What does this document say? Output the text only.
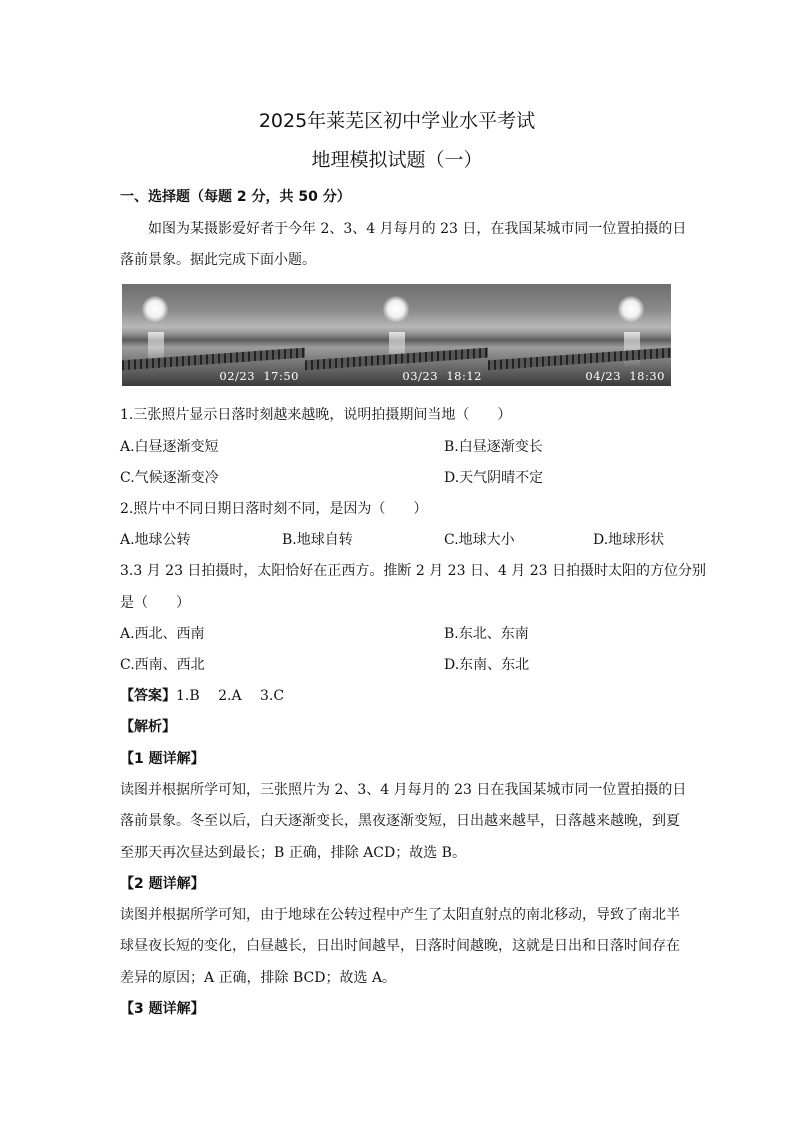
2025年莱芜区初中学业水平考试
地理模拟试题（一）
一、选择题（每题 2 分，共 50 分）
如图为某摄影爱好者于今年 2、3、4 月每月的 23 日，在我国某城市同一位置拍摄的日
落前景象。据此完成下面小题。
02/23 17:50	03/23 18:12	04/23 18:30
1.三张照片显示日落时刻越来越晚，说明拍摄期间当地（　　）
A.白昼逐渐变短	B.白昼逐渐变长
C.气候逐渐变冷	D.天气阴晴不定
2.照片中不同日期日落时刻不同，是因为（　　）
A.地球公转	B.地球自转	C.地球大小	D.地球形状
3.3 月 23 日拍摄时，太阳恰好在正西方。推断 2 月 23 日、4 月 23 日拍摄时太阳的方位分别
是（　　）
A.西北、西南	B.东北、东南
C.西南、西北	D.东南、东北
【答案】1.B　 2.A　 3.C
【解析】
【1 题详解】
读图并根据所学可知，三张照片为 2、3、4 月每月的 23 日在我国某城市同一位置拍摄的日
落前景象。冬至以后，白天逐渐变长，黑夜逐渐变短，日出越来越早，日落越来越晚，到夏
至那天再次昼达到最长；B 正确，排除 ACD；故选 B。
【2 题详解】
读图并根据所学可知，由于地球在公转过程中产生了太阳直射点的南北移动，导致了南北半
球昼夜长短的变化，白昼越长，日出时间越早，日落时间越晚，这就是日出和日落时间存在
差异的原因；A 正确，排除 BCD；故选 A。
【3 题详解】
